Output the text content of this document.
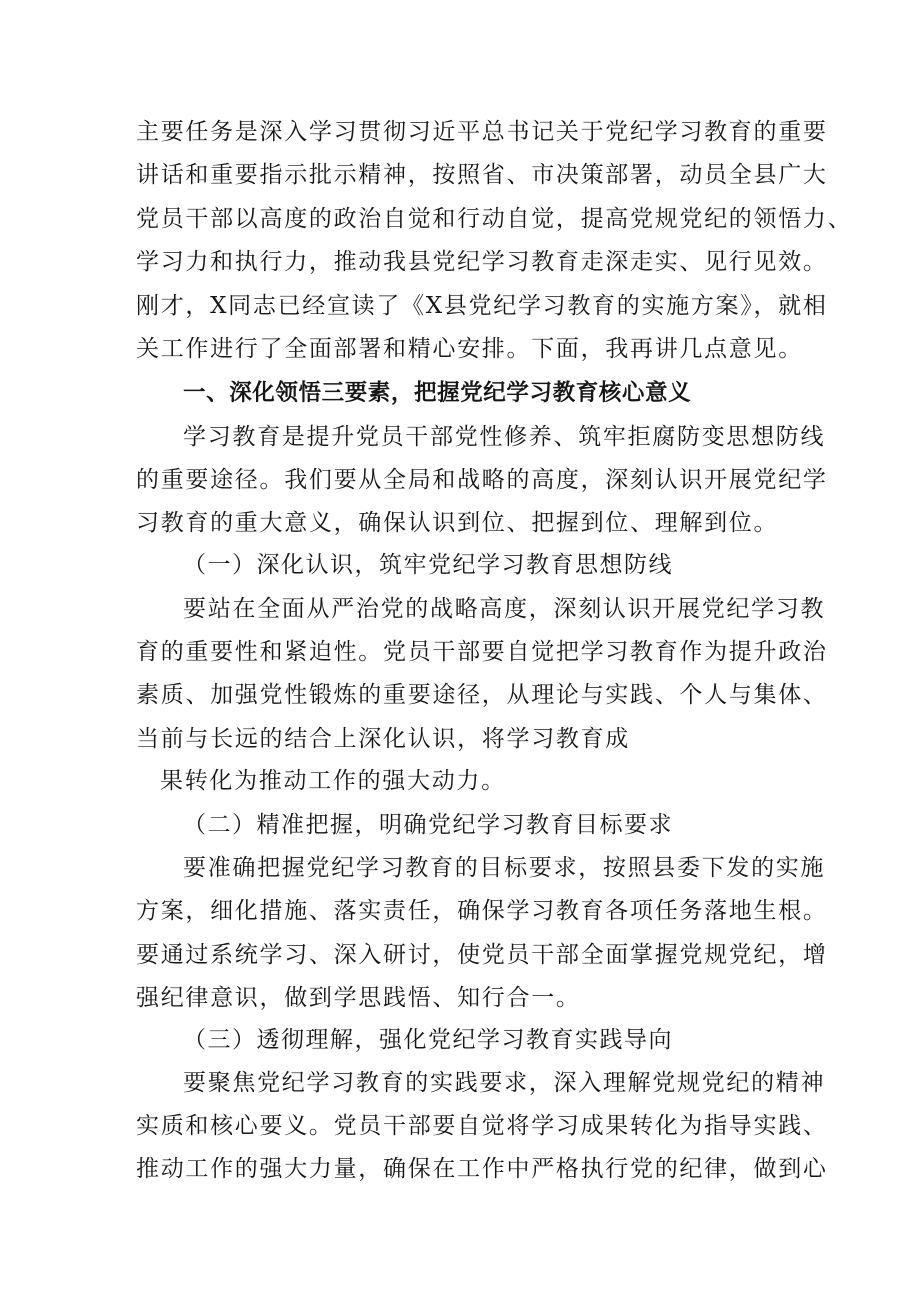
主要任务是深入学习贯彻习近平总书记关于党纪学习教育的重要
讲话和重要指示批示精神，按照省、市决策部署，动员全县广大
党员干部以高度的政治自觉和行动自觉，提高党规党纪的领悟力、
学习力和执行力，推动我县党纪学习教育走深走实、见行见效。
刚才，X同志已经宣读了《X县党纪学习教育的实施方案》，就相
关工作进行了全面部署和精心安排。下面，我再讲几点意见。
一、深化领悟三要素，把握党纪学习教育核心意义
学习教育是提升党员干部党性修养、筑牢拒腐防变思想防线
的重要途径。我们要从全局和战略的高度，深刻认识开展党纪学
习教育的重大意义，确保认识到位、把握到位、理解到位。
（一）深化认识，筑牢党纪学习教育思想防线
要站在全面从严治党的战略高度，深刻认识开展党纪学习教
育的重要性和紧迫性。党员干部要自觉把学习教育作为提升政治
素质、加强党性锻炼的重要途径，从理论与实践、个人与集体、
当前与长远的结合上深化认识，将学习教育成
果转化为推动工作的强大动力。
（二）精准把握，明确党纪学习教育目标要求
要准确把握党纪学习教育的目标要求，按照县委下发的实施
方案，细化措施、落实责任，确保学习教育各项任务落地生根。
要通过系统学习、深入研讨，使党员干部全面掌握党规党纪，增
强纪律意识，做到学思践悟、知行合一。
（三）透彻理解，强化党纪学习教育实践导向
要聚焦党纪学习教育的实践要求，深入理解党规党纪的精神
实质和核心要义。党员干部要自觉将学习成果转化为指导实践、
推动工作的强大力量，确保在工作中严格执行党的纪律，做到心
